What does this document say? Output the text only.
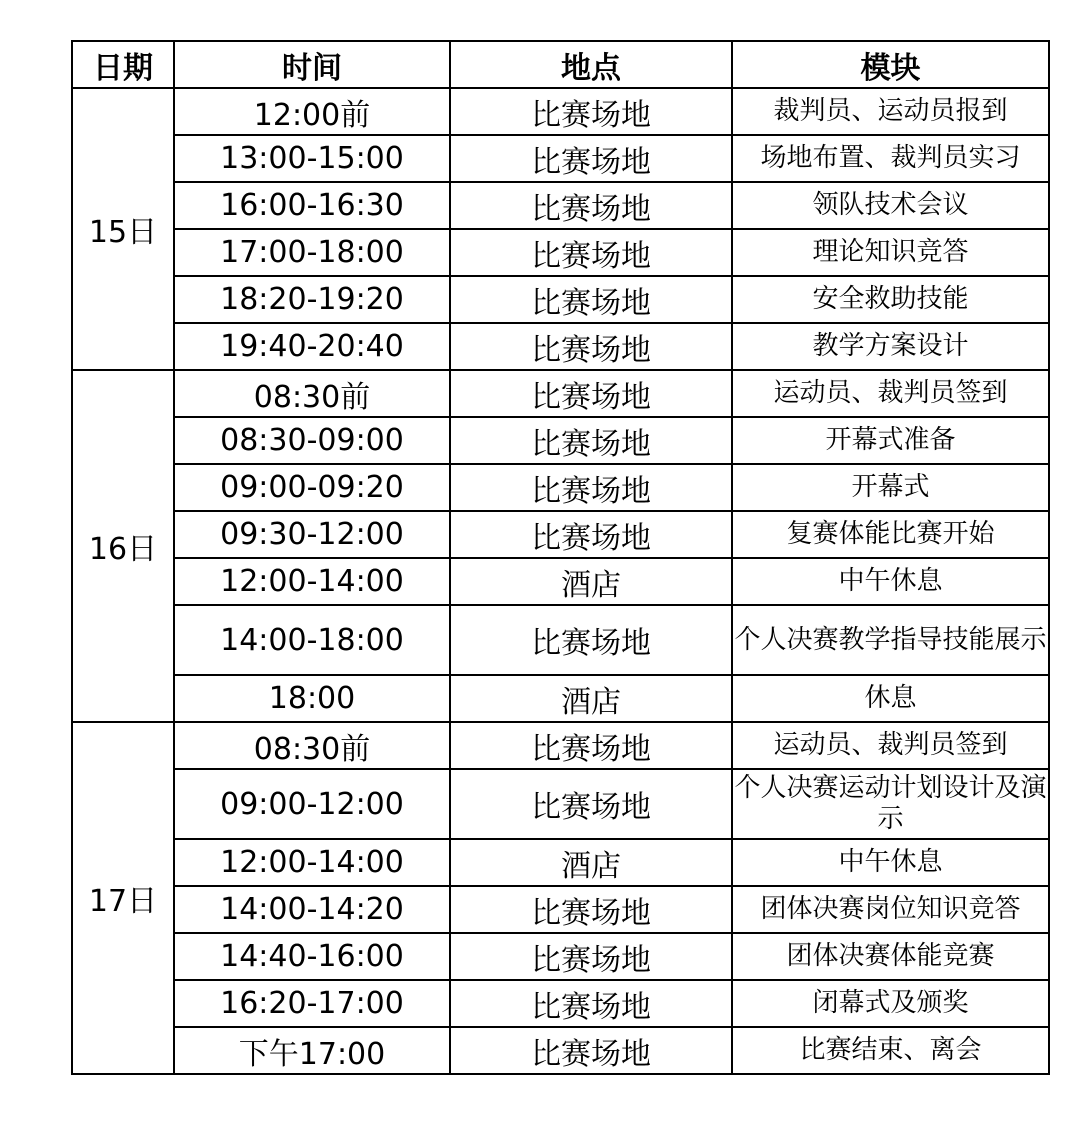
日期	时间	地点	模块
15日	12:00前	比赛场地	裁判员、运动员报到
	13:00-15:00	比赛场地	场地布置、裁判员实习
	16:00-16:30	比赛场地	领队技术会议
	17:00-18:00	比赛场地	理论知识竞答
	18:20-19:20	比赛场地	安全救助技能
	19:40-20:40	比赛场地	教学方案设计
16日	08:30前	比赛场地	运动员、裁判员签到
	08:30-09:00	比赛场地	开幕式准备
	09:00-09:20	比赛场地	开幕式
	09:30-12:00	比赛场地	复赛体能比赛开始
	12:00-14:00	酒店	中午休息
	14:00-18:00	比赛场地	个人决赛教学指导技能展示
	18:00	酒店	休息
17日	08:30前	比赛场地	运动员、裁判员签到
	09:00-12:00	比赛场地	个人决赛运动计划设计及演示
	12:00-14:00	酒店	中午休息
	14:00-14:20	比赛场地	团体决赛岗位知识竞答
	14:40-16:00	比赛场地	团体决赛体能竞赛
	16:20-17:00	比赛场地	闭幕式及颁奖
	下午17:00	比赛场地	比赛结束、离会
